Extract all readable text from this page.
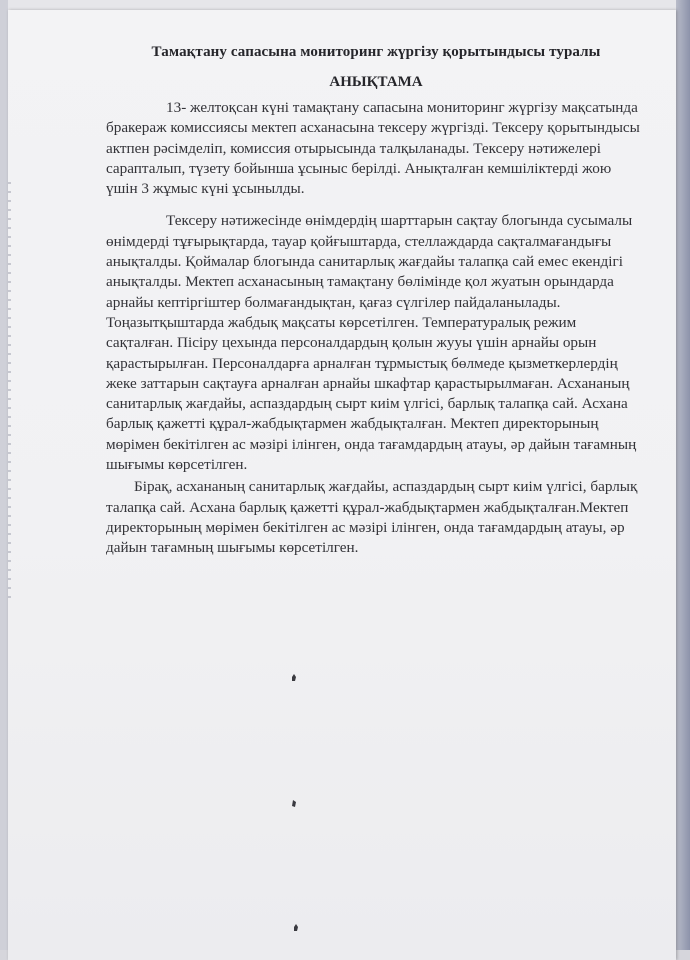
Тамақтану сапасына мониторинг жүргізу қорытындысы туралы
АНЫҚТАМА

13- желтоқсан күні тамақтану сапасына мониторинг жүргізу мақсатында бракераж комиссиясы мектеп асханасына тексеру жүргізді. Тексеру қорытындысы актпен рәсімделіп, комиссия отырысында талқыланады. Тексеру нәтижелері сарапталып, түзету бойынша ұсыныс берілді. Анықталған кемшіліктерді жою үшін 3 жұмыс күні ұсынылды.

Тексеру нәтижесінде өнімдердің шарттарын сақтау блогында сусымалы өнімдерді тұғырықтарда, тауар қойғыштарда, стеллаждарда сақталмағандығы анықталды. Қоймалар блогында санитарлық жағдайы талапқа сай емес екендігі анықталды. Мектеп асханасының тамақтану бөлімінде қол жуатын орындарда арнайы кептіргіштер болмағандықтан, қағаз сүлгілер пайдаланылады. Тоңазытқыштарда жабдық мақсаты көрсетілген. Температуралық режим сақталған. Пісіру цехында персоналдардың қолын жууы үшін арнайы орын қарастырылған. Персоналдарға арналған тұрмыстық бөлмеде қызметкерлердің жеке заттарын сақтауға арналған арнайы шкафтар қарастырылмаған. Асхананың санитарлық жағдайы, аспаздардың сырт киім үлгісі, барлық талапқа сай. Асхана барлық қажетті құрал-жабдықтармен жабдықталған. Мектеп директорының мөрімен бекітілген ас мәзірі ілінген, онда тағамдардың атауы, әр дайын тағамның шығымы көрсетілген.

Бірақ, асхананың санитарлық жағдайы, аспаздардың сырт киім үлгісі, барлық талапқа сай. Асхана барлық қажетті құрал-жабдықтармен жабдықталған.Мектеп директорының мөрімен бекітілген ас мәзірі ілінген, онда тағамдардың атауы, әр дайын тағамның шығымы көрсетілген.
